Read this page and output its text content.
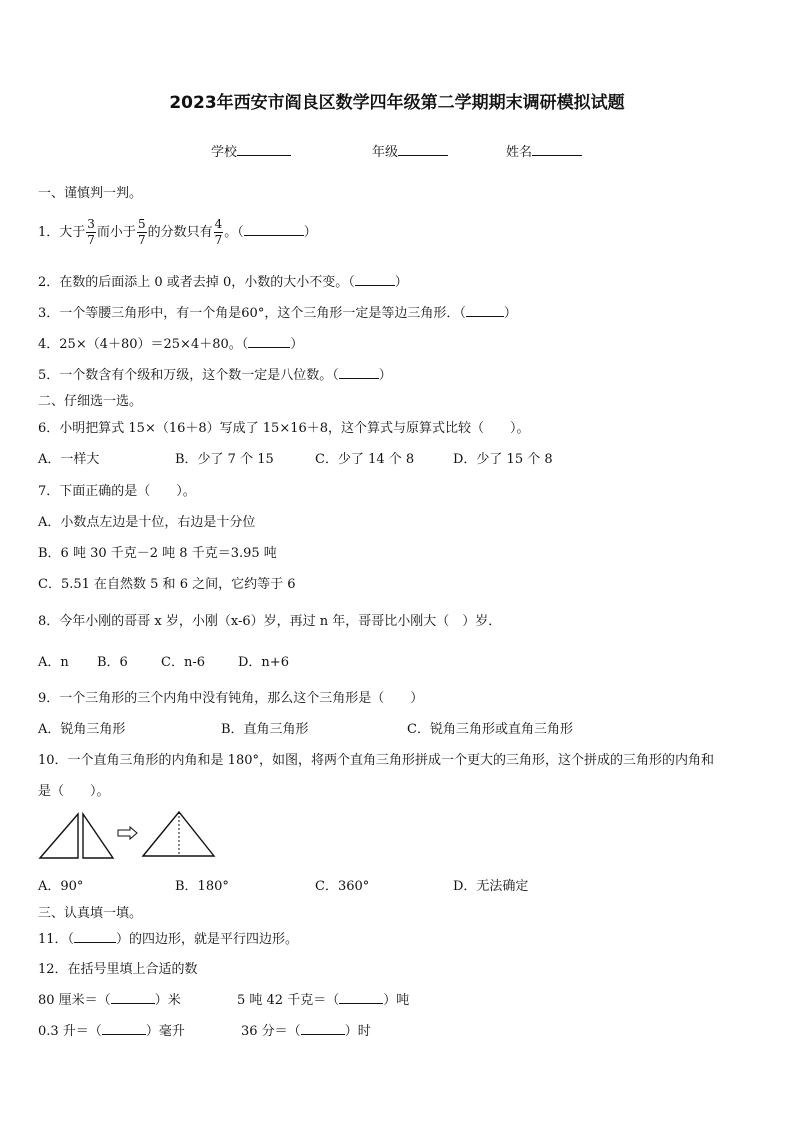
2023年西安市阎良区数学四年级第二学期期末调研模拟试题
学校	年级	姓名
一、谨慎判一判。
1．大于 $\frac{3}{7}$ 而小于 $\frac{5}{7}$ 的分数只有 $\frac{4}{7}$ 。（	）
2．在数的后面添上 0 或者去掉 0，小数的大小不变。（	）
3．一个等腰三角形中，有一个角是60°，这个三角形一定是等边三角形．（	）
4．25×（4＋80）＝25×4＋80。（	）
5．一个数含有个级和万级，这个数一定是八位数。（	）
二、仔细选一选。
6．小明把算式 15×（16＋8）写成了 15×16＋8，这个算式与原算式比较（　　）。
A．一样大	B．少了 7 个 15	C．少了 14 个 8	D．少了 15 个 8
7．下面正确的是（　　）。
A．小数点左边是十位，右边是十分位
B．6 吨 30 千克－2 吨 8 千克＝3.95 吨
C．5.51 在自然数 5 和 6 之间，它约等于 6
8．今年小刚的哥哥 x 岁，小刚（x-6）岁，再过 n 年，哥哥比小刚大（　）岁．
A．n B．6	C．n-6	D．n+6
9．一个三角形的三个内角中没有钝角，那么这个三角形是（　　）
A．锐角三角形	B．直角三角形	C．锐角三角形或直角三角形
10．一个直角三角形的内角和是 180°，如图，将两个直角三角形拼成一个更大的三角形，这个拼成的三角形的内角和
是（　　）。
A．90°	B．180°	C．360°	D．无法确定
三、认真填一填。
11．（	）的四边形，就是平行四边形。
12．在括号里填上合适的数
80 厘米＝（	）米	5 吨 42 千克＝（	）吨
0.3 升＝（	）毫升	36 分＝（	）时
